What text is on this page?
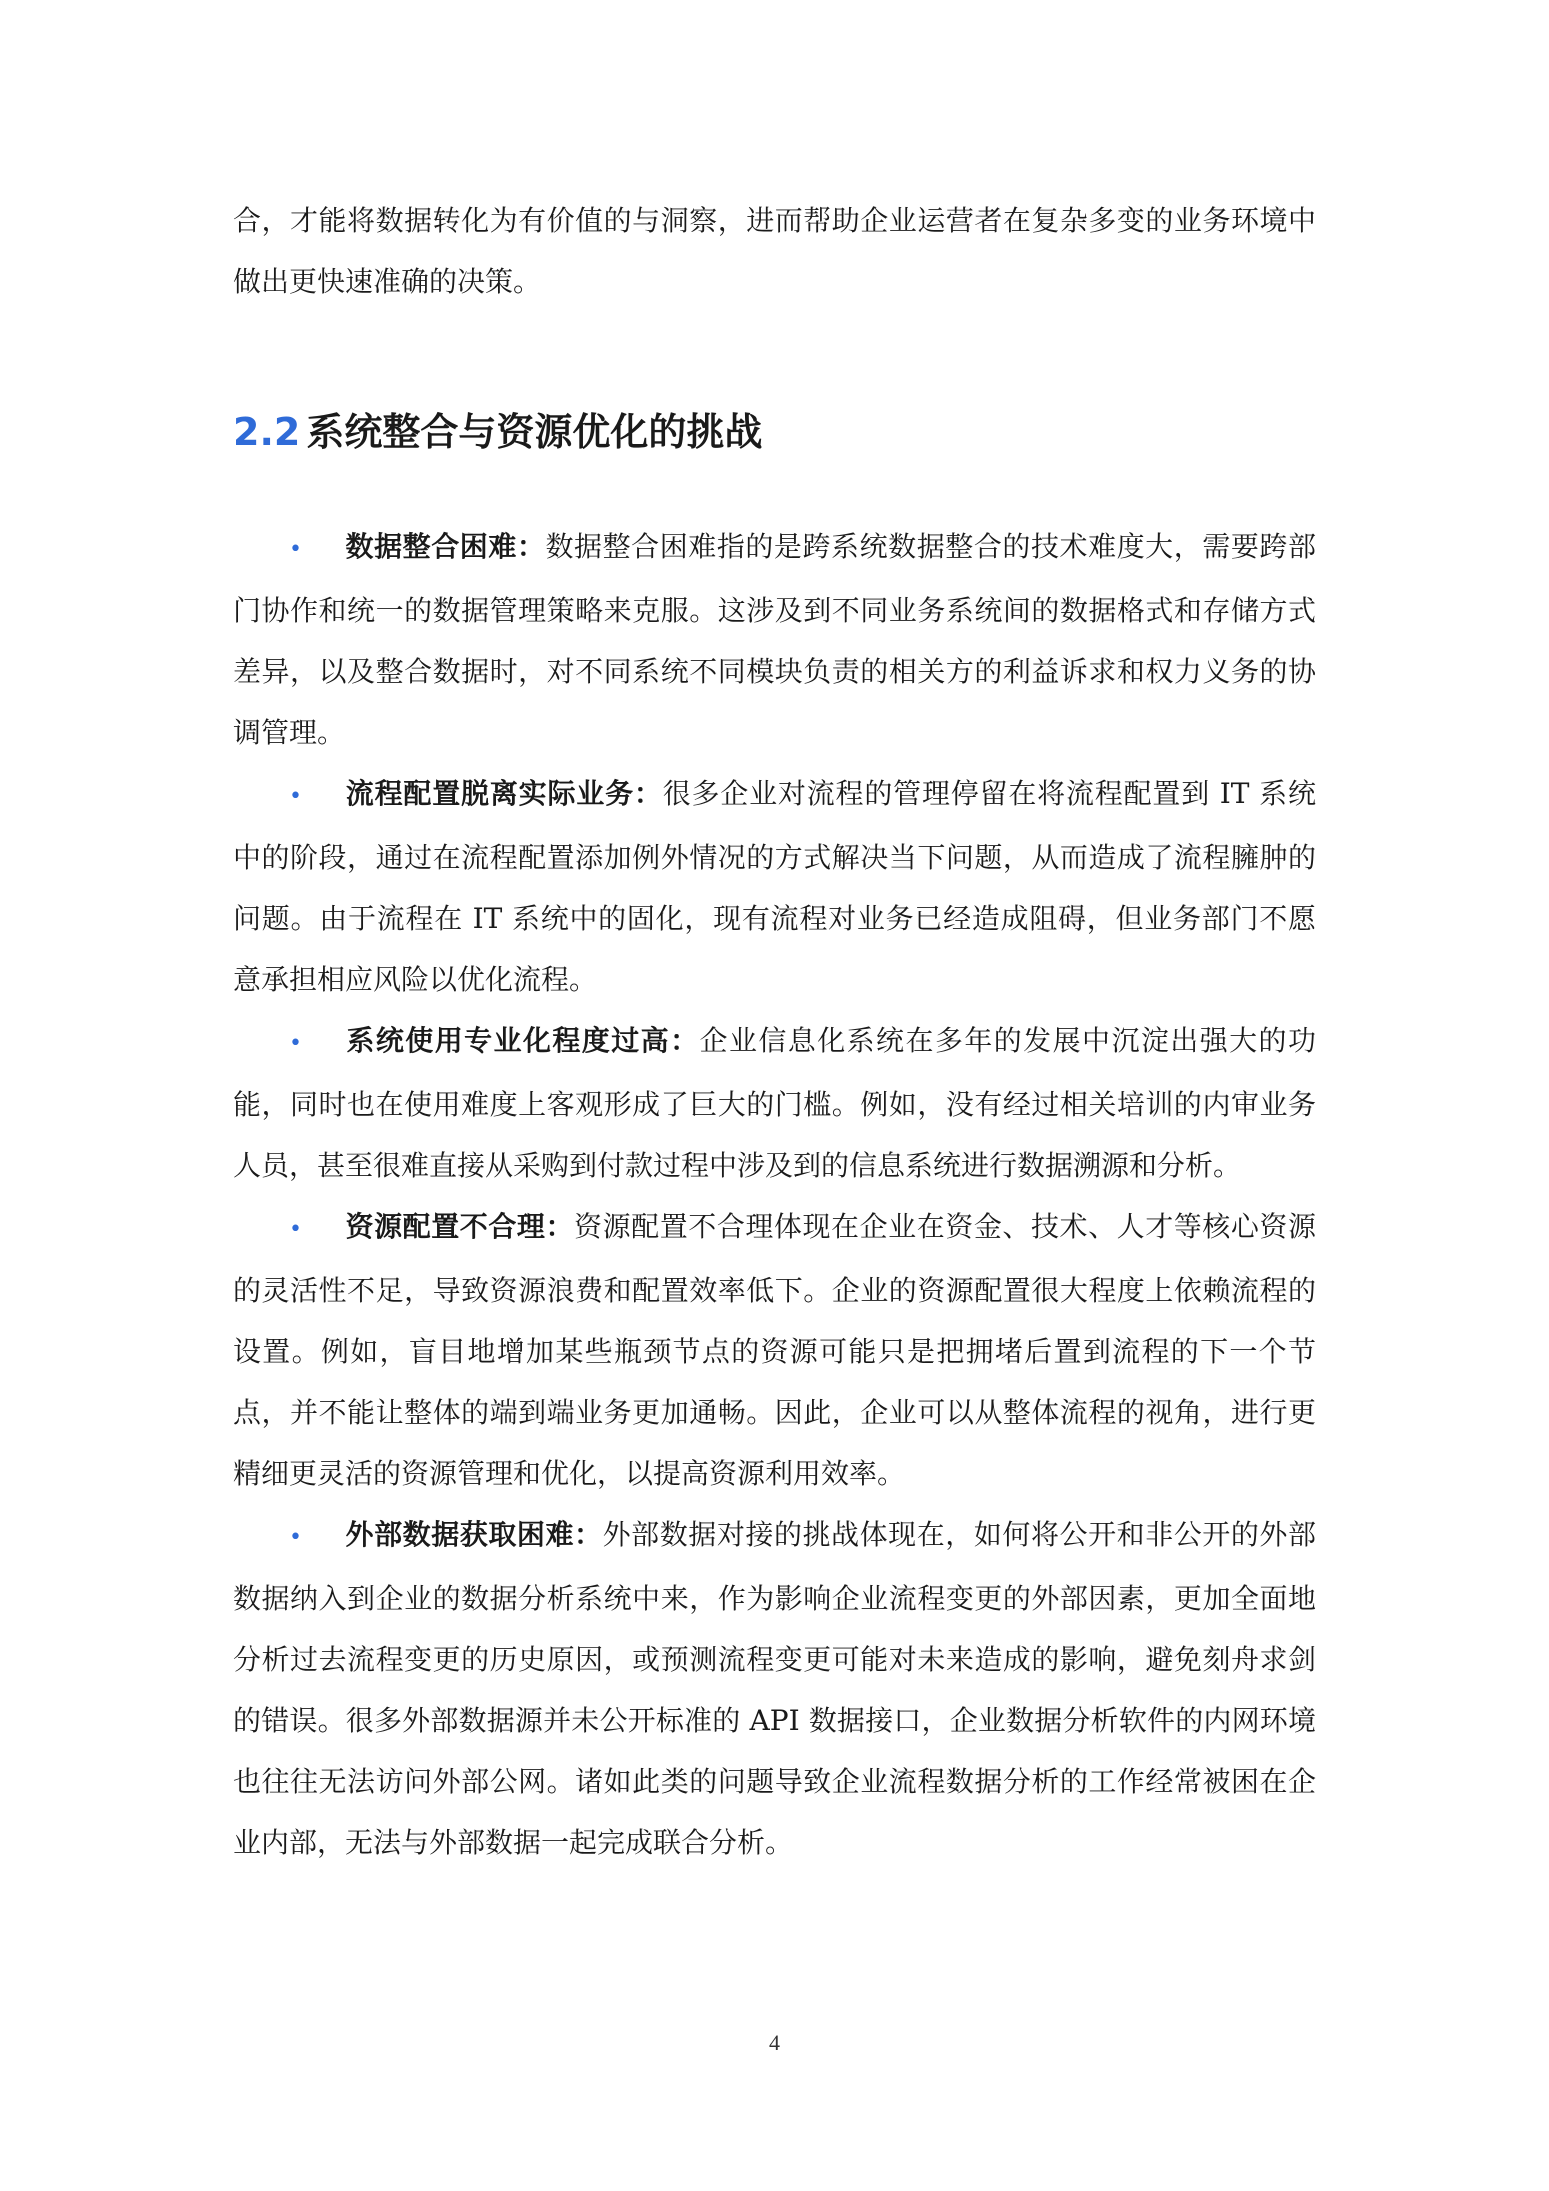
合，才能将数据转化为有价值的与洞察，进而帮助企业运营者在复杂多变的业务环境中做出更快速准确的决策。

2.2 系统整合与资源优化的挑战
• 数据整合困难：数据整合困难指的是跨系统数据整合的技术难度大，需要跨部门协作和统一的数据管理策略来克服。这涉及到不同业务系统间的数据格式和存储方式差异，以及整合数据时，对不同系统不同模块负责的相关方的利益诉求和权力义务的协调管理。
• 流程配置脱离实际业务：很多企业对流程的管理停留在将流程配置到 IT 系统中的阶段，通过在流程配置添加例外情况的方式解决当下问题，从而造成了流程臃肿的问题。由于流程在 IT 系统中的固化，现有流程对业务已经造成阻碍，但业务部门不愿意承担相应风险以优化流程。
• 系统使用专业化程度过高：企业信息化系统在多年的发展中沉淀出强大的功能，同时也在使用难度上客观形成了巨大的门槛。例如，没有经过相关培训的内审业务人员，甚至很难直接从采购到付款过程中涉及到的信息系统进行数据溯源和分析。
• 资源配置不合理：资源配置不合理体现在企业在资金、技术、人才等核心资源的灵活性不足，导致资源浪费和配置效率低下。企业的资源配置很大程度上依赖流程的设置。例如，盲目地增加某些瓶颈节点的资源可能只是把拥堵后置到流程的下一个节点，并不能让整体的端到端业务更加通畅。因此，企业可以从整体流程的视角，进行更精细更灵活的资源管理和优化，以提高资源利用效率。
• 外部数据获取困难：外部数据对接的挑战体现在，如何将公开和非公开的外部数据纳入到企业的数据分析系统中来，作为影响企业流程变更的外部因素，更加全面地分析过去流程变更的历史原因，或预测流程变更可能对未来造成的影响，避免刻舟求剑的错误。很多外部数据源并未公开标准的 API 数据接口，企业数据分析软件的内网环境也往往无法访问外部公网。诸如此类的问题导致企业流程数据分析的工作经常被困在企业内部，无法与外部数据一起完成联合分析。
4
